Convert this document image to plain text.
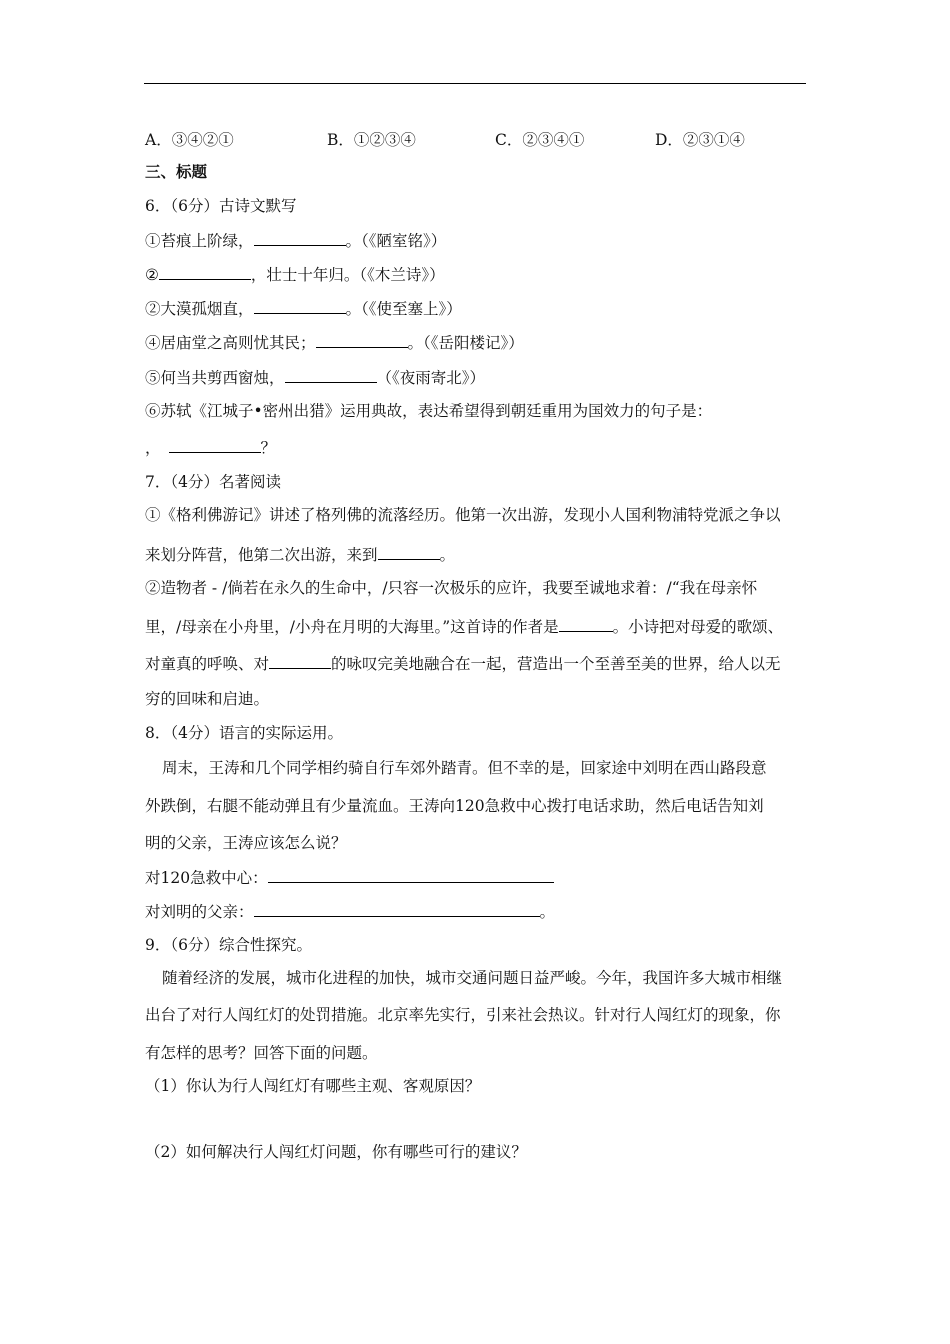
A．③④②①	B．①②③④	C．②③④①	D．②③①④
三、标题
6．（6分）古诗文默写
①苔痕上阶绿，	。（《陋室铭》）
②	，壮士十年归。（《木兰诗》）
②大漠孤烟直，	。（《使至塞上》）
④居庙堂之高则忧其民；	。（《岳阳楼记》）
⑤何当共剪西窗烛，	（《夜雨寄北》）
⑥苏轼《江城子•密州出猎》运用典故，表达希望得到朝廷重用为国效力的句子是：
，	？
7．（4分）名著阅读
①《格利佛游记》讲述了格列佛的流落经历。他第一次出游，发现小人国利物浦特党派之争以
来划分阵营，他第二次出游，来到	。
②造物者 - /倘若在永久的生命中，/只容一次极乐的应许，我要至诚地求着：/“我在母亲怀
里，/母亲在小舟里，/小舟在月明的大海里。”这首诗的作者是	。小诗把对母爱的歌颂、
对童真的呼唤、对	的咏叹完美地融合在一起，营造出一个至善至美的世界，给人以无
穷的回味和启迪。
8．（4分）语言的实际运用。
周末，王涛和几个同学相约骑自行车郊外踏青。但不幸的是，回家途中刘明在西山路段意
外跌倒，右腿不能动弹且有少量流血。王涛向120急救中心拨打电话求助，然后电话告知刘
明的父亲，王涛应该怎么说？
对120急救中心：
对刘明的父亲：	。
9．（6分）综合性探究。
随着经济的发展，城市化进程的加快，城市交通问题日益严峻。今年，我国许多大城市相继
出台了对行人闯红灯的处罚措施。北京率先实行，引来社会热议。针对行人闯红灯的现象，你
有怎样的思考？回答下面的问题。
（1）你认为行人闯红灯有哪些主观、客观原因？
（2）如何解决行人闯红灯问题，你有哪些可行的建议？
